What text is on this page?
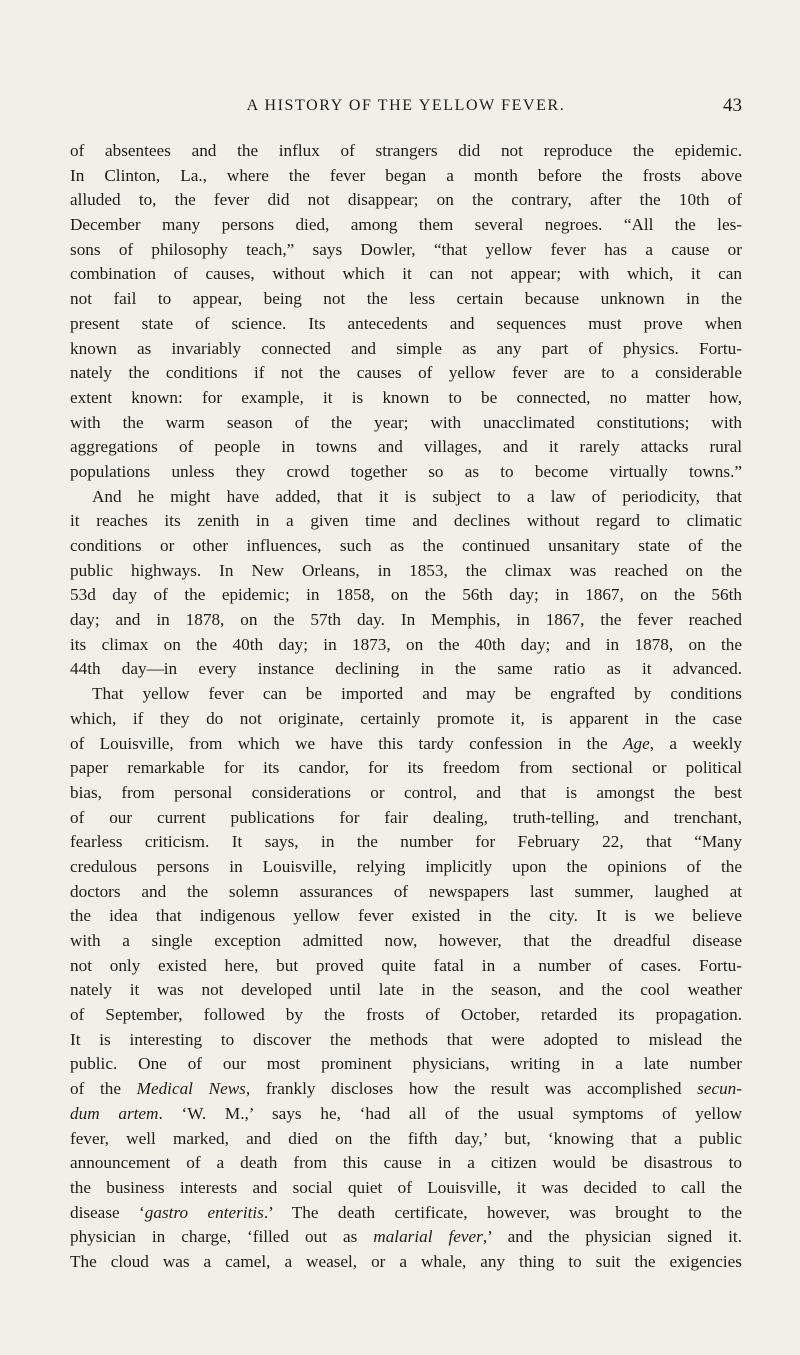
A HISTORY OF THE YELLOW FEVER.	43
of absentees and the influx of strangers did not reproduce the epidemic.
In Clinton, La., where the fever began a month before the frosts above
alluded to, the fever did not disappear; on the contrary, after the 10th of
December many persons died, among them several negroes. “All the les-
sons of philosophy teach,” says Dowler, “that yellow fever has a cause or
combination of causes, without which it can not appear; with which, it can
not fail to appear, being not the less certain because unknown in the
present state of science. Its antecedents and sequences must prove when
known as invariably connected and simple as any part of physics. Fortu-
nately the conditions if not the causes of yellow fever are to a considerable
extent known: for example, it is known to be connected, no matter how,
with the warm season of the year; with unacclimated constitutions; with
aggregations of people in towns and villages, and it rarely attacks rural
populations unless they crowd together so as to become virtually towns.”
And he might have added, that it is subject to a law of periodicity, that
it reaches its zenith in a given time and declines without regard to climatic
conditions or other influences, such as the continued unsanitary state of the
public highways. In New Orleans, in 1853, the climax was reached on the
53d day of the epidemic; in 1858, on the 56th day; in 1867, on the 56th
day; and in 1878, on the 57th day. In Memphis, in 1867, the fever reached
its climax on the 40th day; in 1873, on the 40th day; and in 1878, on the
44th day—in every instance declining in the same ratio as it advanced.
That yellow fever can be imported and may be engrafted by conditions
which, if they do not originate, certainly promote it, is apparent in the case
of Louisville, from which we have this tardy confession in the Age, a weekly
paper remarkable for its candor, for its freedom from sectional or political
bias, from personal considerations or control, and that is amongst the best
of our current publications for fair dealing, truth-telling, and trenchant,
fearless criticism. It says, in the number for February 22, that “Many
credulous persons in Louisville, relying implicitly upon the opinions of the
doctors and the solemn assurances of newspapers last summer, laughed at
the idea that indigenous yellow fever existed in the city. It is we believe
with a single exception admitted now, however, that the dreadful disease
not only existed here, but proved quite fatal in a number of cases. Fortu-
nately it was not developed until late in the season, and the cool weather
of September, followed by the frosts of October, retarded its propagation.
It is interesting to discover the methods that were adopted to mislead the
public. One of our most prominent physicians, writing in a late number
of the Medical News, frankly discloses how the result was accomplished secun-
dum artem. ‘W. M.,’ says he, ‘had all of the usual symptoms of yellow
fever, well marked, and died on the fifth day,’ but, ‘knowing that a public
announcement of a death from this cause in a citizen would be disastrous to
the business interests and social quiet of Louisville, it was decided to call the
disease ‘gastro enteritis.’ The death certificate, however, was brought to the
physician in charge, ‘filled out as malarial fever,’ and the physician signed it.
The cloud was a camel, a weasel, or a whale, any thing to suit the exigencies
